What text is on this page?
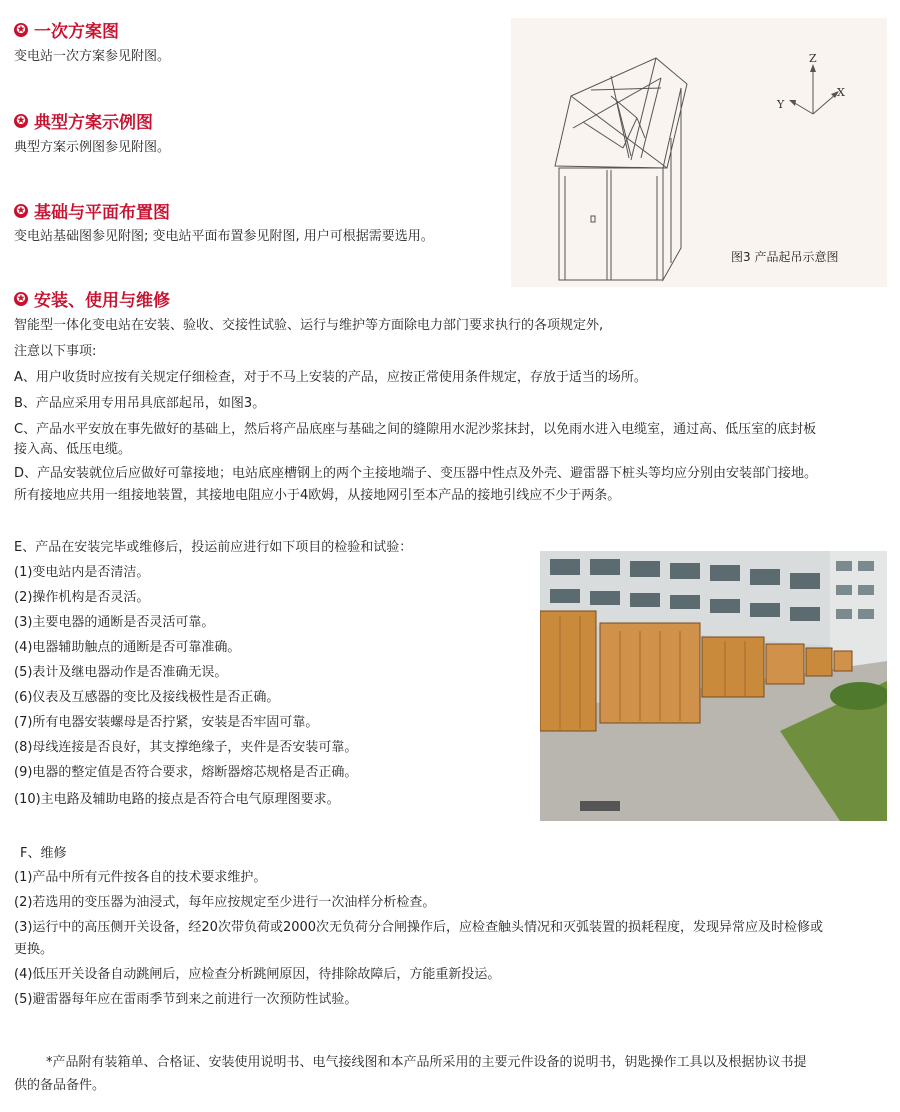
✪ 一次方案图
变电站一次方案参见附图。
✪ 典型方案示例图
典型方案示例图参见附图。
✪ 基础与平面布置图
变电站基础图参见附图; 变电站平面布置参见附图, 用户可根据需要选用。
Z
Y
X
图3 产品起吊示意图
✪ 安装、使用与维修
智能型一体化变电站在安装、验收、交接性试验、运行与维护等方面除电力部门要求执行的各项规定外,
注意以下事项:
A、用户收货时应按有关规定仔细检查，对于不马上安装的产品，应按正常使用条件规定，存放于适当的场所。
B、产品应采用专用吊具底部起吊，如图3。
C、产品水平安放在事先做好的基础上，然后将产品底座与基础之间的缝隙用水泥沙浆抹封，以免雨水进入电缆室，通过高、低压室的底封板
接入高、低压电缆。
D、产品安装就位后应做好可靠接地；电站底座槽钢上的两个主接地端子、变压器中性点及外壳、避雷器下桩头等均应分别由安装部门接地。
所有接地应共用一组接地装置，其接地电阻应小于4欧姆，从接地网引至本产品的接地引线应不少于两条。
E、产品在安装完毕或维修后，投运前应进行如下项目的检验和试验：
(1)变电站内是否清洁。
(2)操作机构是否灵活。
(3)主要电器的通断是否灵活可靠。
(4)电器辅助触点的通断是否可靠准确。
(5)表计及继电器动作是否准确无误。
(6)仪表及互感器的变比及接线极性是否正确。
(7)所有电器安装螺母是否拧紧，安装是否牢固可靠。
(8)母线连接是否良好，其支撑绝缘子，夹件是否安装可靠。
(9)电器的整定值是否符合要求，熔断器熔芯规格是否正确。
(10)主电路及辅助电路的接点是否符合电气原理图要求。
F、维修
(1)产品中所有元件按各自的技术要求维护。
(2)若选用的变压器为油浸式，每年应按规定至少进行一次油样分析检查。
(3)运行中的高压侧开关设备，经20次带负荷或2000次无负荷分合闸操作后，应检查触头情况和灭弧装置的损耗程度，发现异常应及时检修或
更换。
(4)低压开关设备自动跳闸后，应检查分析跳闸原因，待排除故障后，方能重新投运。
(5)避雷器每年应在雷雨季节到来之前进行一次预防性试验。
*产品附有装箱单、合格证、安装使用说明书、电气接线图和本产品所采用的主要元件设备的说明书，钥匙操作工具以及根据协议书提
供的备品备件。
